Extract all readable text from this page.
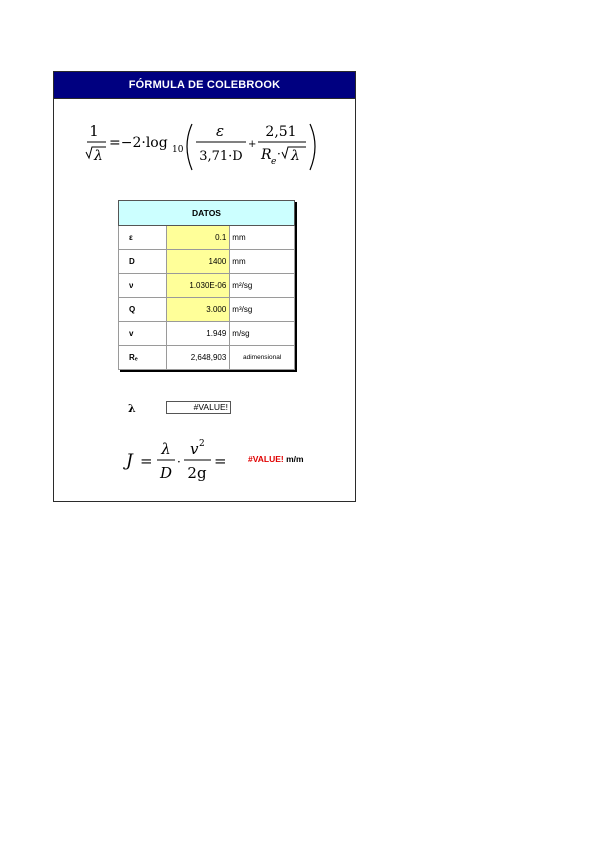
FÓRMULA DE COLEBROOK
1
λ
=−2·log 10
ε
3,71·D
+
2,51
R e
· λ
DATOS		
ε	0.1	mm
D	1400	mm
ν	1.030E-06	m²/sg
Q	3.000	m³/sg
v	1.949	m/sg
Rₑ	2,648,903	adimensional
λ	#VALUE!
J =
λ
D
·
v 2
2g
=	#VALUE! m/m
